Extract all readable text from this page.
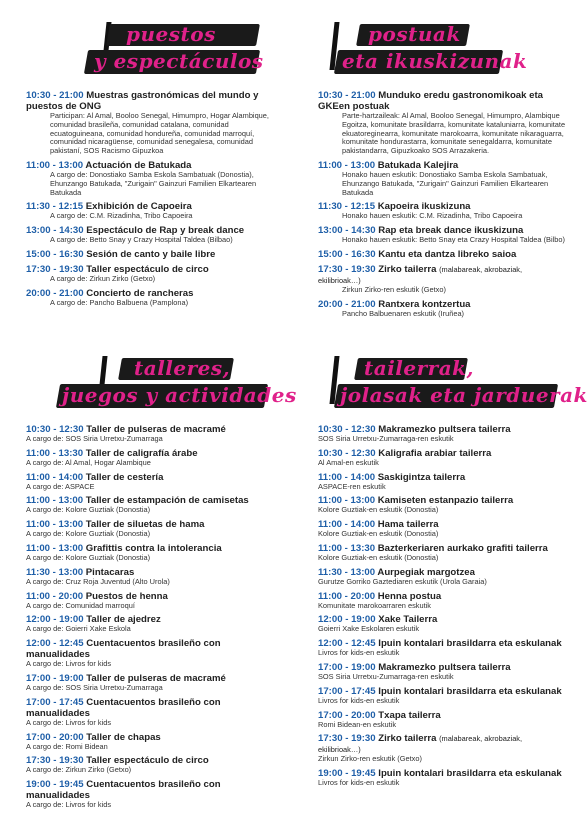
puestos
y espectáculos
10:30 - 21:00 Muestras gastronómicas del mundo y puestos de ONG
Participan: Al Amal, Booloo Senegal, Himumpro, Hogar Alambique, comunidad brasileña, comunidad catalana, comunidad ecuatoguineana, comunidad hondureña, comunidad marroquí, comunidad nicaragüense, comunidad senegalesa, comunidad pakistaní, SOS Racismo Gipuzkoa
11:00 - 13:00 Actuación de Batukada
A cargo de: Donostiako Samba Eskola Sambatuak (Donostia), Ehunzango Batukada, "Zurigain" Gainzuri Familien Elkartearen Batukada
11:30 - 12:15 Exhibición de Capoeira
A cargo de: C.M. Rizadinha, Tribo Capoeira
13:00 - 14:30 Espectáculo de Rap y break dance
A cargo de: Betto Snay y Crazy Hospital Taldea (Bilbao)
15:00 - 16:30 Sesión de canto y baile libre
17:30 - 19:30 Taller espectáculo de circo
A cargo de: Zirkun Zirko (Getxo)
20:00 - 21:00 Concierto de rancheras
A cargo de: Pancho Balbuena (Pamplona)
postuak
eta ikuskizunak
10:30 - 21:00 Munduko eredu gastronomikoak eta GKEen postuak
Parte-hartzaileak: Al Amal, Booloo Senegal, Himumpro, Alambique Egoitza, komunitate brasildarra, komunitate kataluniarra, komunitate ekuatoreginearra, komunitate marokoarra, komunitate nikaraguarra, komunitate hondurastarra, komunitate senegaldarra, komunitate pakistandarra, Gipuzkoako SOS Arrazakeria.
11:00 - 13:00 Batukada Kalejira
Honako hauen eskutik: Donostiako Samba Eskola Sambatuak, Ehunzango Batukada, "Zurigain" Gainzuri Familien Elkartearen Batukada
11:30 - 12:15 Kapoeira ikuskizuna
Honako hauen eskutik: C.M. Rizadinha, Tribo Capoeira
13:00 - 14:30 Rap eta break dance ikuskizuna
Honako hauen eskutik: Betto Snay eta Crazy Hospital Taldea (Bilbo)
15:00 - 16:30 Kantu eta dantza libreko saioa
17:30 - 19:30 Zirko tailerra (malabareak, akrobaziak, ekilibrioak…)
Zirkun Zirko-ren eskutik (Getxo)
20:00 - 21:00 Rantxera kontzertua
Pancho Balbuenaren eskutik (Iruñea)
talleres,
juegos y actividades
10:30 - 12:30 Taller de pulseras de macramé
A cargo de: SOS Siria Urretxu-Zumarraga
11:00 - 13:30 Taller de caligrafía árabe
A cargo de: Al Amal, Hogar Alambique
11:00 - 14:00 Taller de cestería
A cargo de: ASPACE
11:00 - 13:00 Taller de estampación de camisetas
A cargo de: Kolore Guztiak (Donostia)
11:00 - 13:00 Taller de siluetas de hama
A cargo de: Kolore Guztiak (Donostia)
11:00 - 13:00 Grafittis contra la intolerancia
A cargo de: Kolore Guztiak (Donostia)
11:30 - 13:00 Pintacaras
A cargo de: Cruz Roja Juventud (Alto Urola)
11:00 - 20:00 Puestos de henna
A cargo de: Comunidad marroquí
12:00 - 19:00 Taller de ajedrez
A cargo de: Goierri Xake Eskola
12:00 - 12:45 Cuentacuentos brasileño con manualidades
A cargo de: Livros for kids
17:00 - 19:00 Taller de pulseras de macramé
A cargo de: SOS Siria Urretxu-Zumarraga
17:00 - 17:45 Cuentacuentos brasileño con manualidades
A cargo de: Livros for kids
17:00 - 20:00 Taller de chapas
A cargo de: Romi Bidean
17:30 - 19:30 Taller espectáculo de circo
A cargo de: Zirkun Zirko (Getxo)
19:00 - 19:45 Cuentacuentos brasileño con manualidades
A cargo de: Livros for kids
tailerrak,
jolasak eta jarduerak
10:30 - 12:30 Makramezko pultsera tailerra
SOS Siria Urretxu-Zumarraga-ren eskutik
10:30 - 12:30 Kaligrafia arabiar tailerra
Al Amal-en eskutik
11:00 - 14:00 Saskigintza tailerra
ASPACE-ren eskutik
11:00 - 13:00 Kamiseten estanpazio tailerra
Kolore Guztiak-en eskutik (Donostia)
11:00 - 14:00 Hama tailerra
Kolore Guztiak-en eskutik (Donostia)
11:00 - 13:30 Bazterkeriaren aurkako grafiti tailerra
Kolore Guztiak-en eskutik (Donostia)
11:30 - 13:00 Aurpegiak margotzea
Gurutze Gorriko Gaztediaren eskutik (Urola Garaia)
11:00 - 20:00 Henna postua
Komunitate marokoarraren eskutik
12:00 - 19:00 Xake Tailerra
Goierri Xake Eskolaren eskutik
12:00 - 12:45 Ipuin kontalari brasildarra eta eskulanak
Livros for kids-en eskutik
17:00 - 19:00 Makramezko pultsera tailerra
SOS Siria Urretxu-Zumarraga-ren eskutik
17:00 - 17:45 Ipuin kontalari brasildarra eta eskulanak
Livros for kids-en eskutik
17:00 - 20:00 Txapa tailerra
Romi Bidean-en eskutik
17:30 - 19:30 Zirko tailerra (malabareak, akrobaziak, ekilibrioak…)
Zirkun Zirko-ren eskutik (Getxo)
19:00 - 19:45 Ipuin kontalari brasildarra eta eskulanak
Livros for kids-en eskutik
